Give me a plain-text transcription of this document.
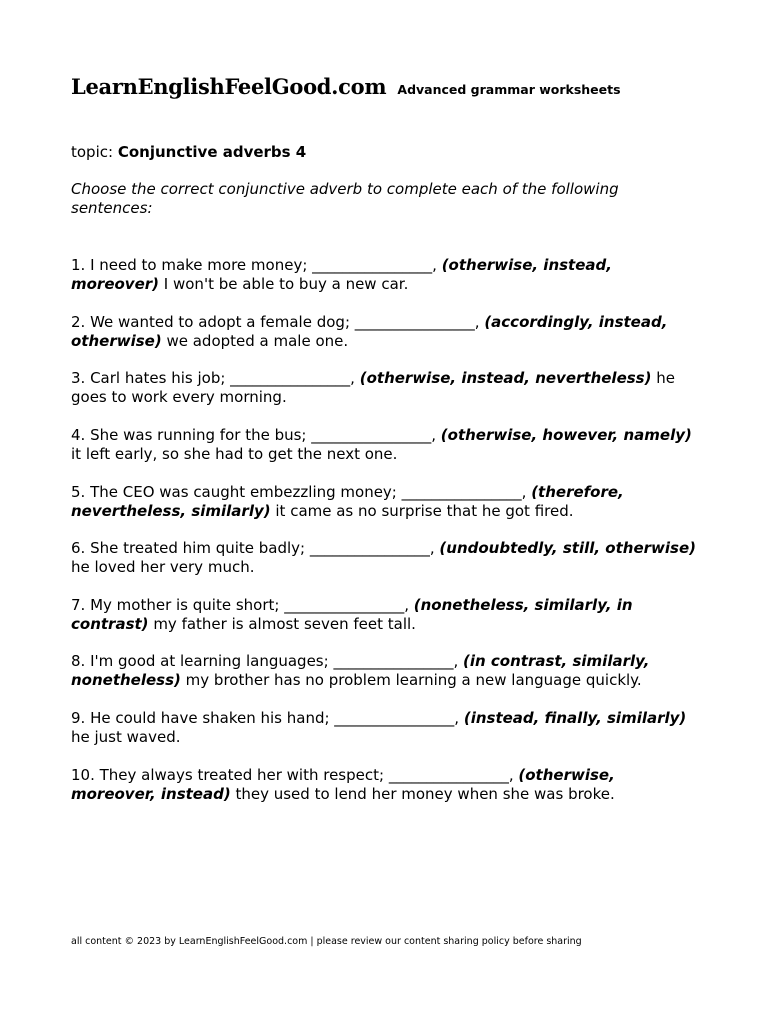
LearnEnglishFeelGood.com Advanced grammar worksheets
topic: Conjunctive adverbs 4
Choose the correct conjunctive adverb to complete each of the following sentences:
1. I need to make more money; ________________, (otherwise, instead, moreover) I won't be able to buy a new car.
2. We wanted to adopt a female dog; ________________, (accordingly, instead, otherwise) we adopted a male one.
3. Carl hates his job; ________________, (otherwise, instead, nevertheless) he goes to work every morning.
4. She was running for the bus; ________________, (otherwise, however, namely) it left early, so she had to get the next one.
5. The CEO was caught embezzling money; ________________, (therefore, nevertheless, similarly) it came as no surprise that he got fired.
6. She treated him quite badly; ________________, (undoubtedly, still, otherwise) he loved her very much.
7. My mother is quite short; ________________, (nonetheless, similarly, in contrast) my father is almost seven feet tall.
8. I'm good at learning languages; ________________, (in contrast, similarly, nonetheless) my brother has no problem learning a new language quickly.
9. He could have shaken his hand; ________________, (instead, finally, similarly) he just waved.
10. They always treated her with respect; ________________, (otherwise, moreover, instead) they used to lend her money when she was broke.
all content © 2023 by LearnEnglishFeelGood.com | please review our content sharing policy before sharing
